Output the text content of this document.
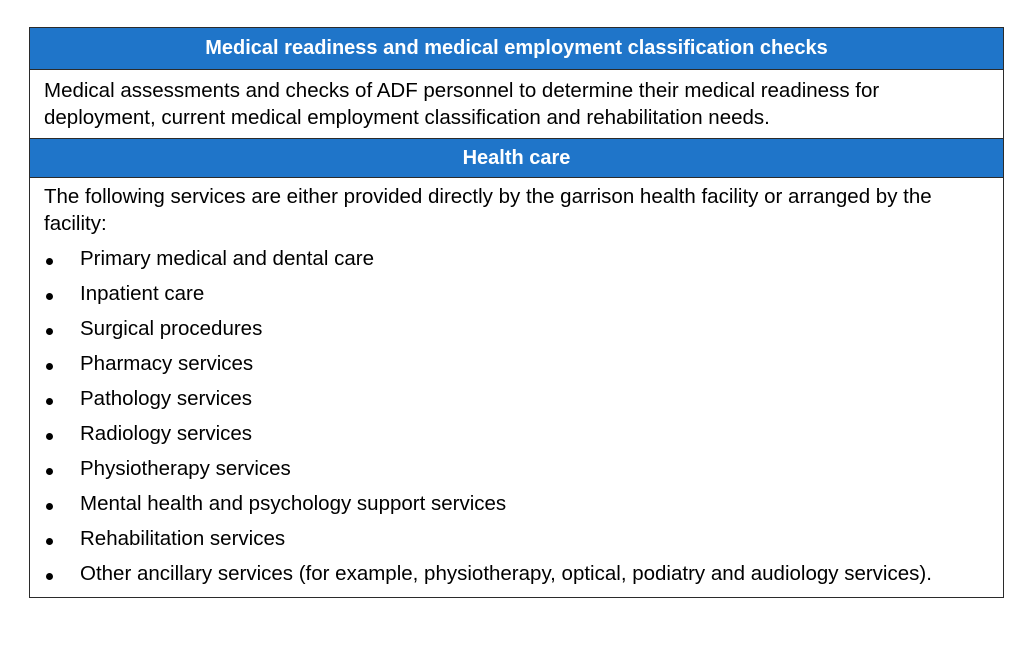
Medical readiness and medical employment classification checks
Medical assessments and checks of ADF personnel to determine their medical readiness for deployment, current medical employment classification and rehabilitation needs.
Health care

The following services are either provided directly by the garrison health facility or arranged by the facility:

Primary medical and dental care
Inpatient care
Surgical procedures
Pharmacy services
Pathology services
Radiology services
Physiotherapy services
Mental health and psychology support services
Rehabilitation services
Other ancillary services (for example, physiotherapy, optical, podiatry and audiology services).
